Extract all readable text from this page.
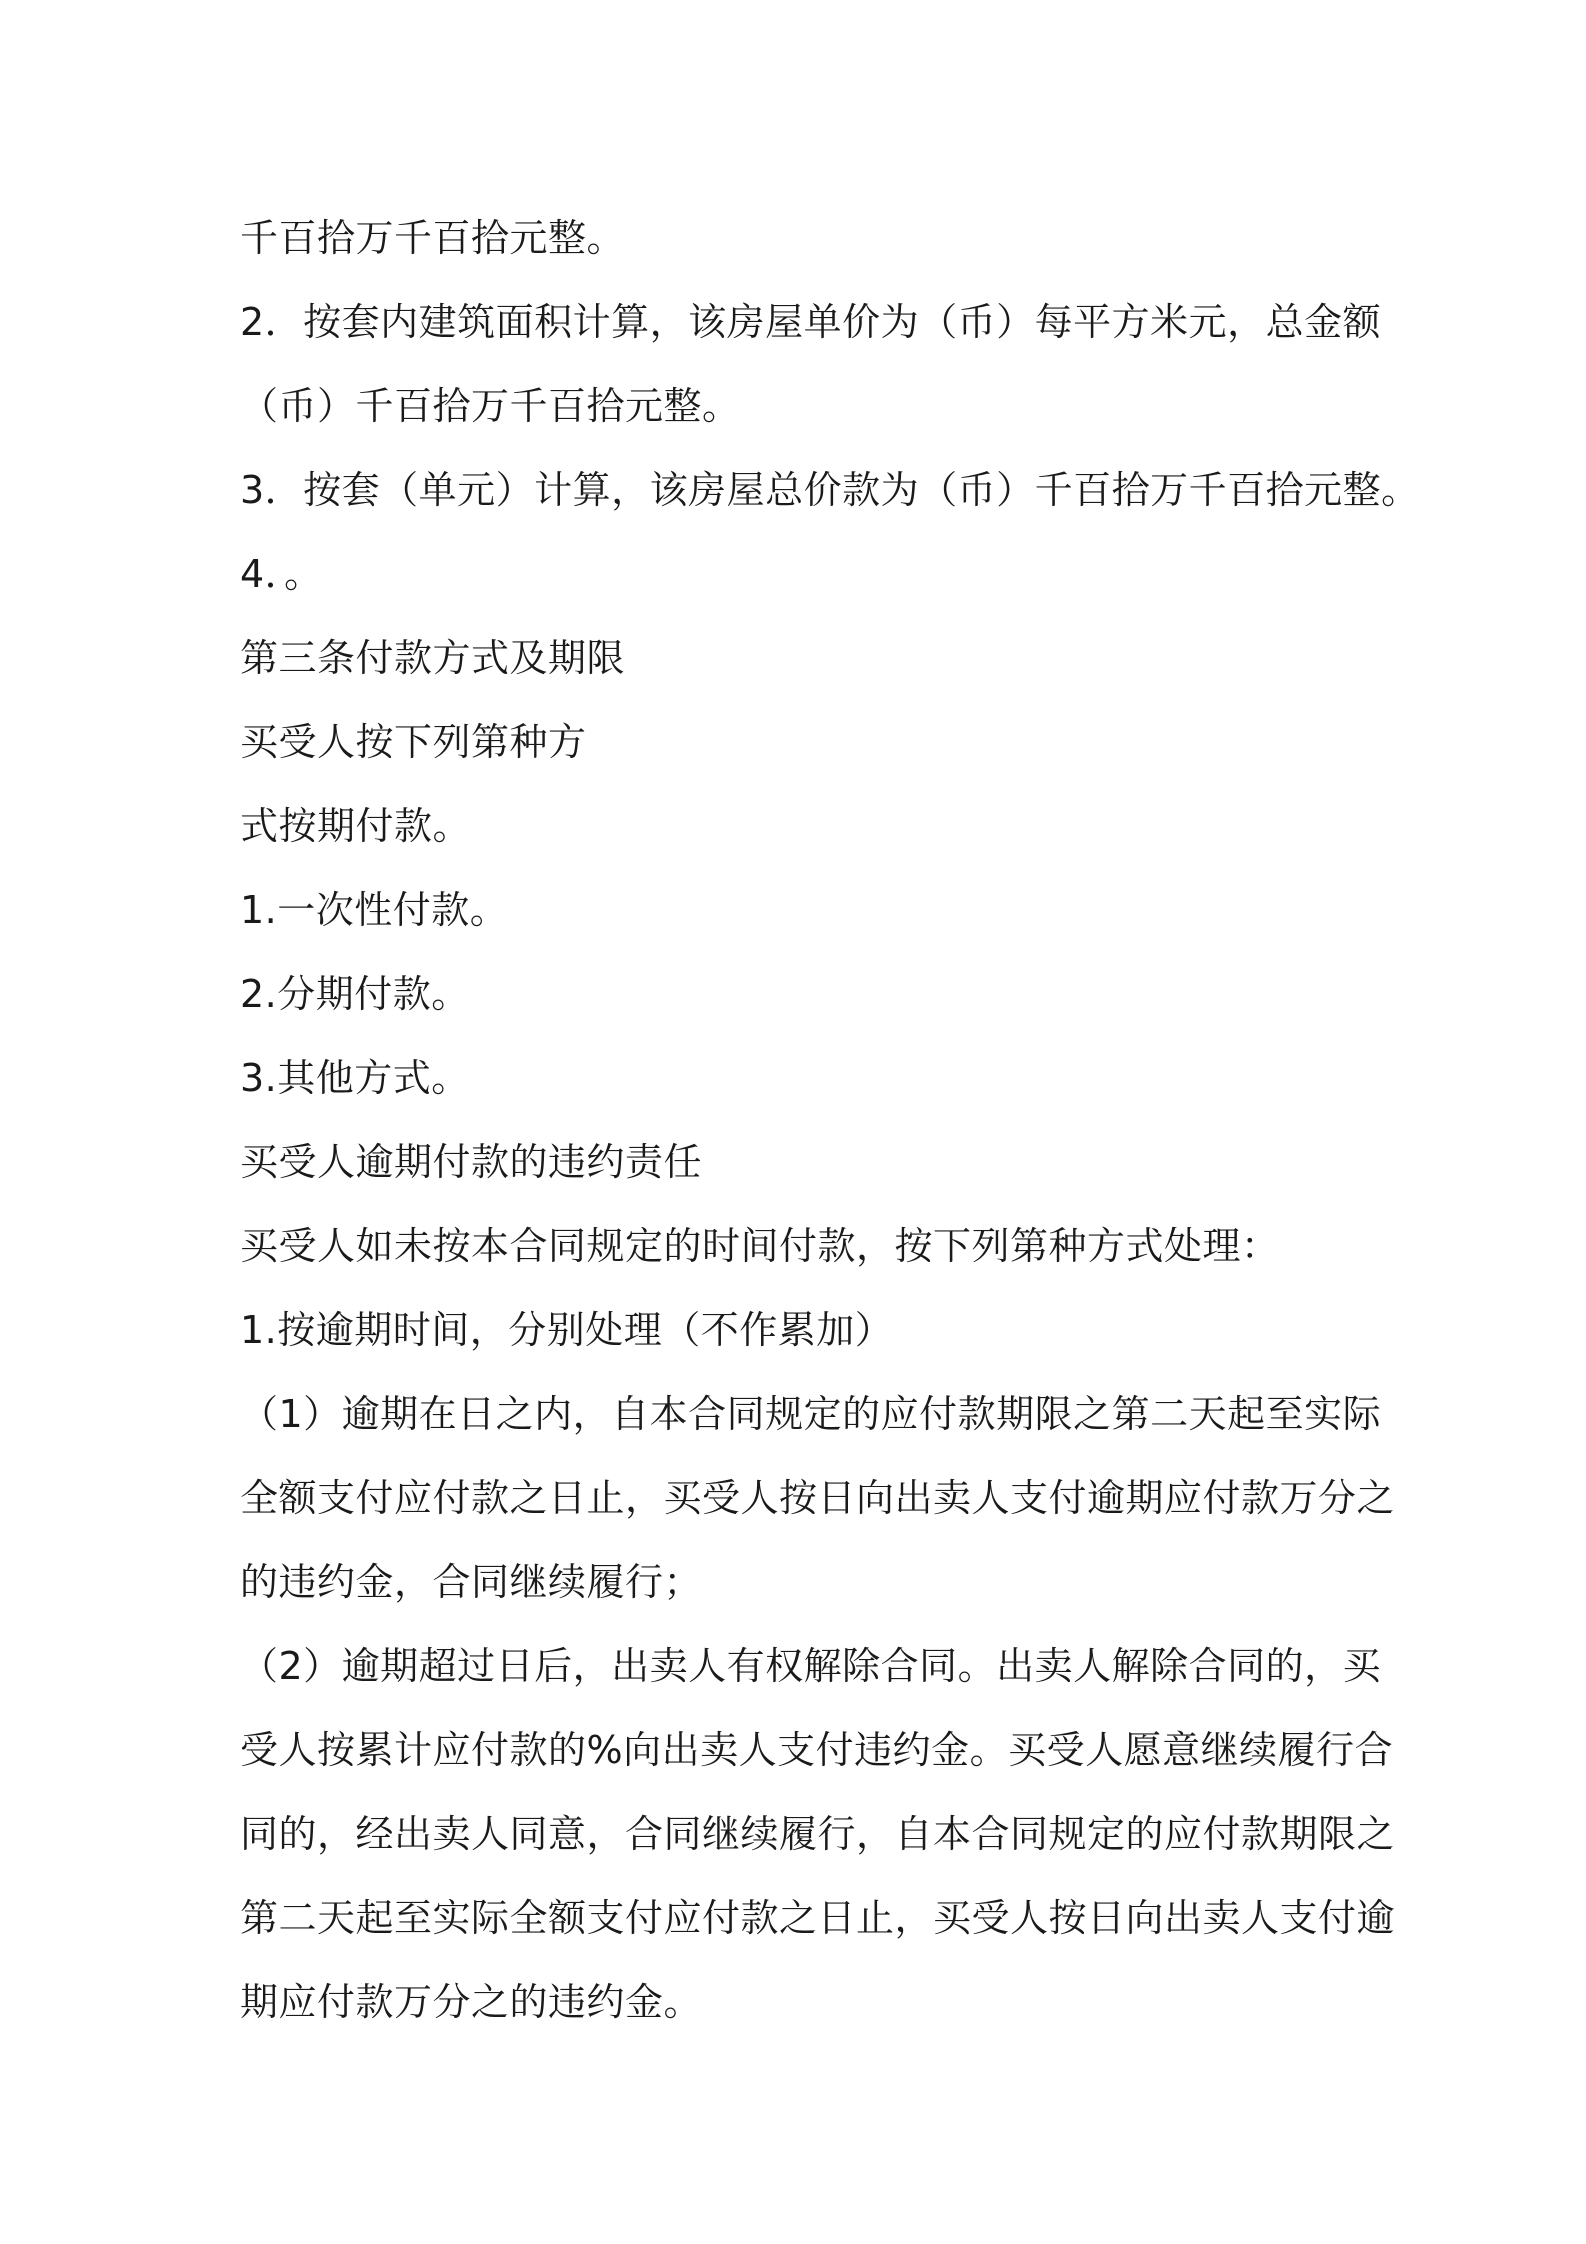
千百拾万千百拾元整。
2．按套内建筑面积计算，该房屋单价为（币）每平方米元，总金额
（币）千百拾万千百拾元整。
3．按套（单元）计算，该房屋总价款为（币）千百拾万千百拾元整。
4．。
第三条付款方式及期限
买受人按下列第种方
式按期付款。
1.一次性付款。
2.分期付款。
3.其他方式。
买受人逾期付款的违约责任
买受人如未按本合同规定的时间付款，按下列第种方式处理：
1.按逾期时间，分别处理（不作累加）
（1）逾期在日之内，自本合同规定的应付款期限之第二天起至实际
全额支付应付款之日止，买受人按日向出卖人支付逾期应付款万分之
的违约金，合同继续履行；
（2）逾期超过日后，出卖人有权解除合同。出卖人解除合同的，买
受人按累计应付款的%向出卖人支付违约金。买受人愿意继续履行合
同的，经出卖人同意，合同继续履行，自本合同规定的应付款期限之
第二天起至实际全额支付应付款之日止，买受人按日向出卖人支付逾
期应付款万分之的违约金。
